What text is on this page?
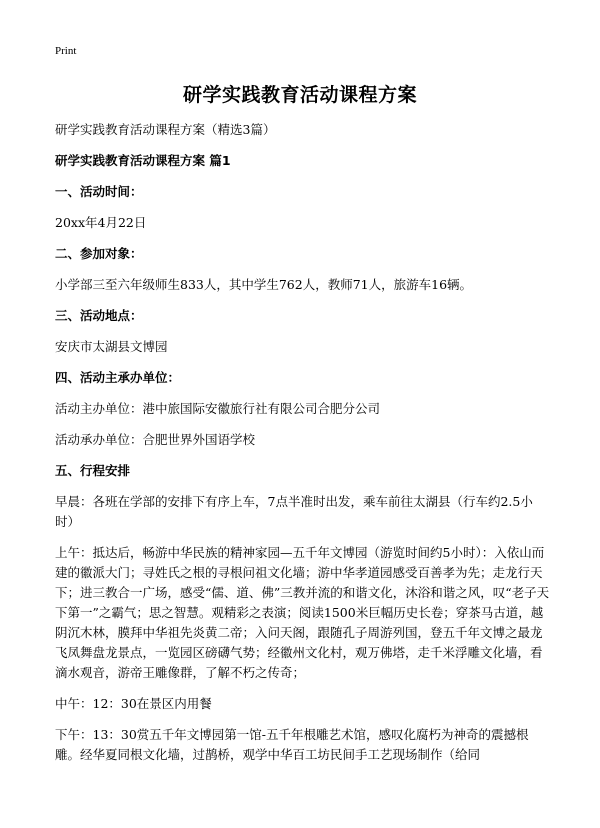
Print
研学实践教育活动课程方案

研学实践教育活动课程方案（精选3篇）

研学实践教育活动课程方案 篇1

一、活动时间：

20xx年4月22日

二、参加对象：

小学部三至六年级师生833人，其中学生762人，教师71人，旅游车16辆。

三、活动地点：

安庆市太湖县文博园

四、活动主承办单位：

活动主办单位：港中旅国际安徽旅行社有限公司合肥分公司

活动承办单位：合肥世界外国语学校

五、行程安排

早晨：各班在学部的安排下有序上车，7点半准时出发，乘车前往太湖县（行车约2.5小时）

上午：抵达后，畅游中华民族的精神家园—五千年文博园（游览时间约5小时）：入依山而建的徽派大门；寻姓氏之根的寻根问祖文化墙；游中华孝道园感受百善孝为先；走龙行天下；进三教合一广场，感受“儒、道、佛”三教并流的和谐文化，沐浴和谐之风，叹“老子天下第一”之霸气；思之智慧。观精彩之表演；阅读1500米巨幅历史长卷；穿茶马古道，越阴沉木林，膜拜中华祖先炎黄二帝；入问天阁，跟随孔子周游列国，登五千年文博之最龙飞凤舞盘龙景点，一览园区磅礴气势；经徽州文化村，观万佛塔，走千米浮雕文化墙，看滴水观音，游帝王雕像群，了解不朽之传奇；

中午：12：30在景区内用餐

下午：13：30赏五千年文博园第一馆-五千年根雕艺术馆，感叹化腐朽为神奇的震撼根雕。经华夏同根文化墙，过鹊桥，观学中华百工坊民间手工艺现场制作（给同
